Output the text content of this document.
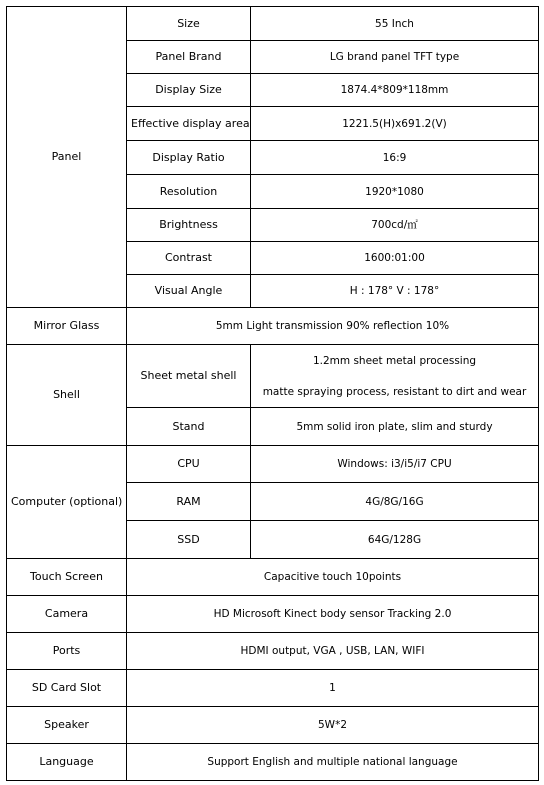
Panel	Size	55 Inch
	Panel Brand	LG brand panel TFT type
	Display Size	1874.4*809*118mm
	Effective display area	1221.5(H)x691.2(V)
	Display Ratio	16:9
	Resolution	1920*1080
	Brightness	700cd/㎡
	Contrast	1600:01:00
	Visual Angle	H : 178° V : 178°
Mirror Glass	5mm Light transmission 90% reflection 10%	
Shell	Sheet metal shell	1.2mm sheet metal processing
matte spraying process, resistant to dirt and wear

	Stand	5mm solid iron plate, slim and sturdy
Computer (optional)	CPU	Windows: i3/i5/i7 CPU
	RAM	4G/8G/16G
	SSD	64G/128G
Touch Screen	Capacitive touch 10points	
Camera	HD Microsoft Kinect body sensor Tracking 2.0	
Ports	HDMI output, VGA , USB, LAN, WIFI	
SD Card Slot	1	
Speaker	5W*2	
Language	Support English and multiple national language	
